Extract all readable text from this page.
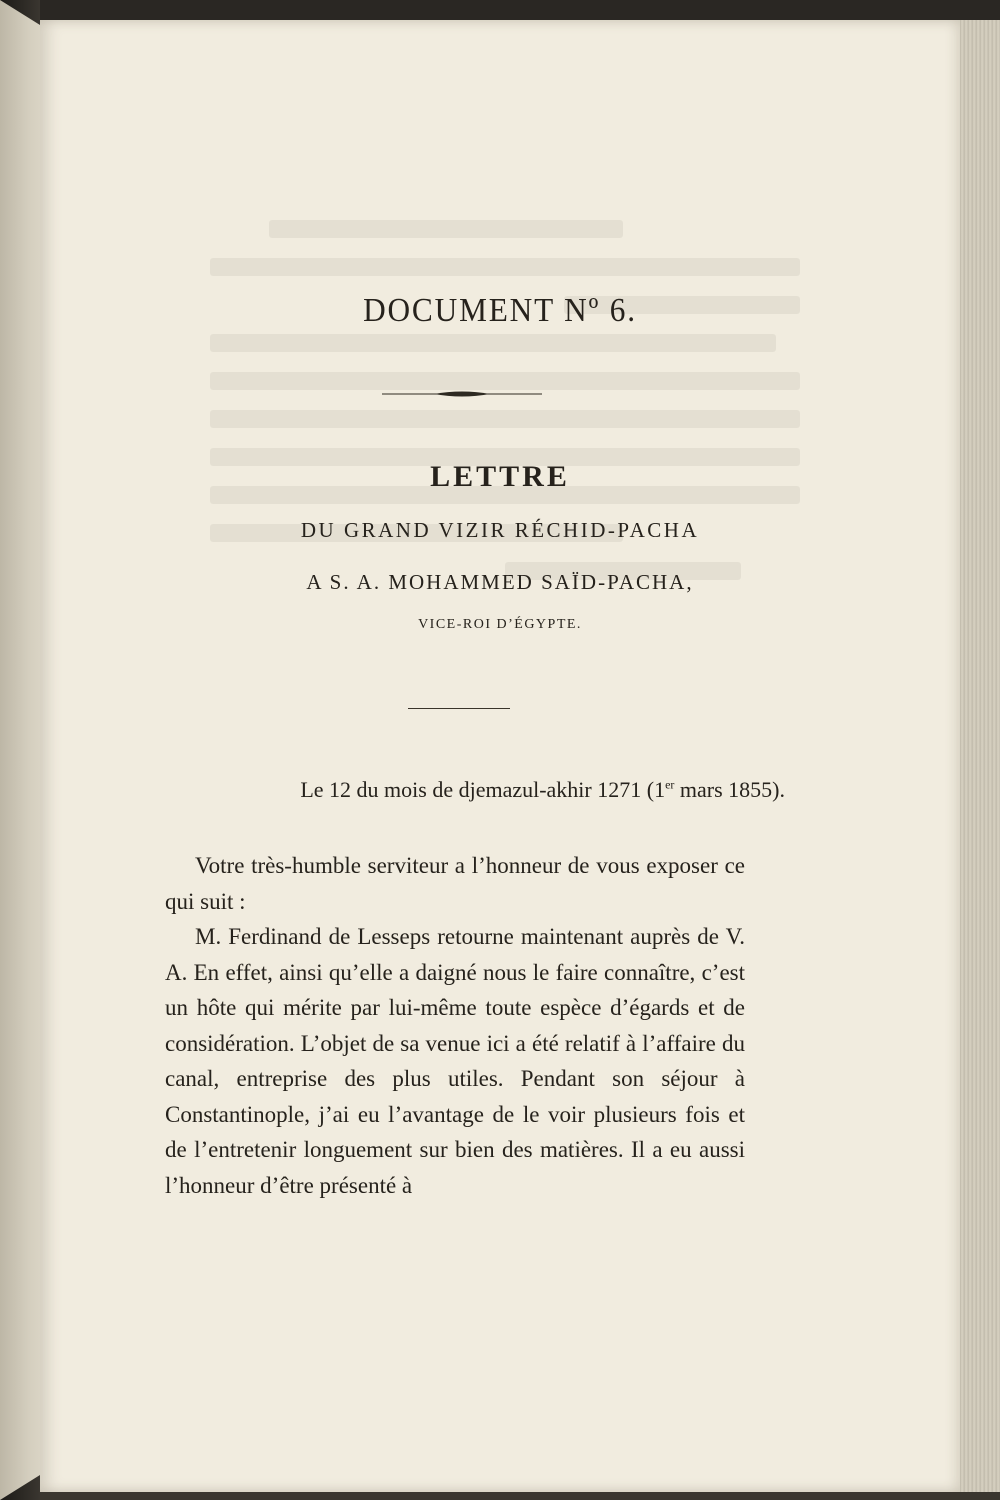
DOCUMENT Nº 6.
LETTRE
DU GRAND VIZIR RÉCHID-PACHA
A S. A. MOHAMMED SAÏD-PACHA,
VICE-ROI D’ÉGYPTE.
Le 12 du mois de djemazul-akhir 1271 (1er mars 1855).

Votre très-humble serviteur a l’honneur de vous exposer ce qui suit :

M. Ferdinand de Lesseps retourne maintenant auprès de V. A. En effet, ainsi qu’elle a daigné nous le faire connaître, c’est un hôte qui mérite par lui-même toute espèce d’égards et de considération. L’objet de sa venue ici a été relatif à l’affaire du canal, entreprise des plus utiles. Pendant son séjour à Constantinople, j’ai eu l’avantage de le voir plusieurs fois et de l’entretenir longuement sur bien des matières. Il a eu aussi l’honneur d’être présenté à
